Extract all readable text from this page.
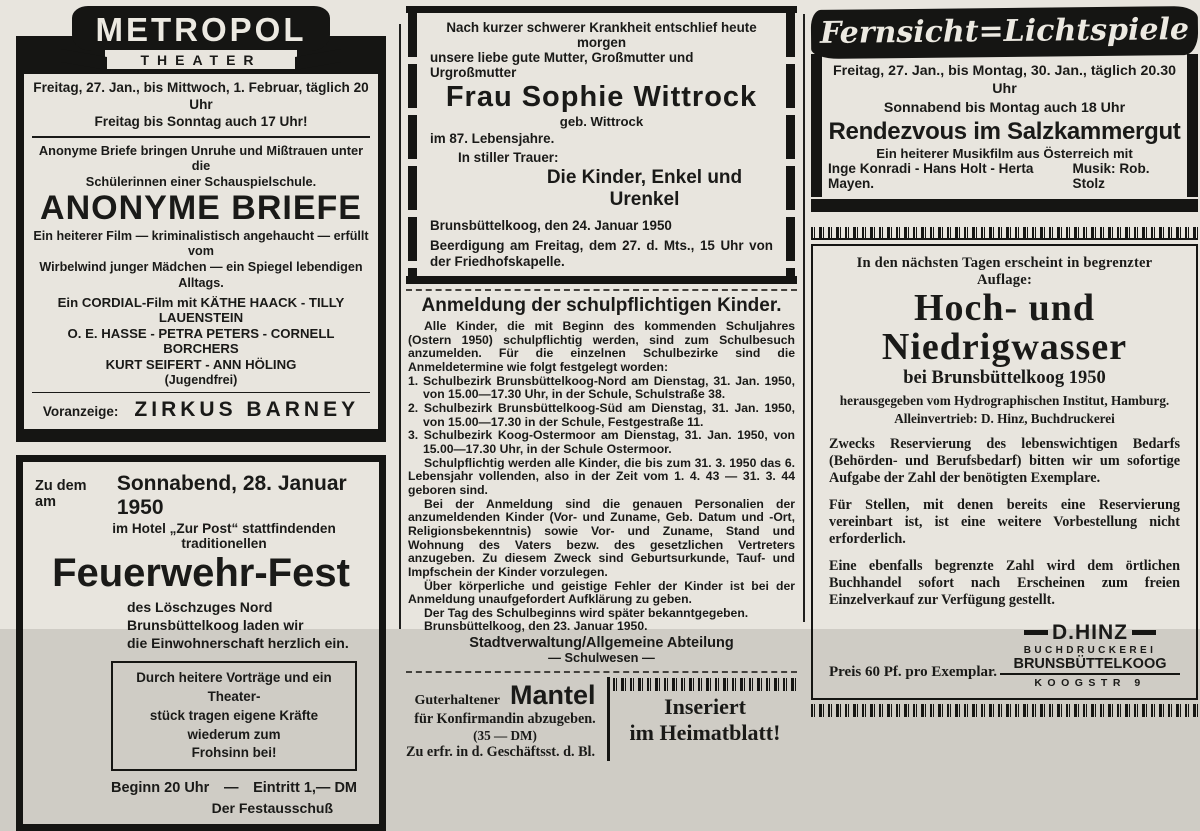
METROPOL
THEATER
Freitag, 27. Jan., bis Mittwoch, 1. Februar, täglich 20 Uhr
Freitag bis Sonntag auch 17 Uhr!
Anonyme Briefe bringen Unruhe und Mißtrauen unter die
Schülerinnen einer Schauspielschule.
ANONYME BRIEFE
Ein heiterer Film — kriminalistisch angehaucht — erfüllt vom
Wirbelwind junger Mädchen — ein Spiegel lebendigen Alltags.
Ein CORDIAL-Film mit KÄTHE HAACK - TILLY LAUENSTEIN
O. E. HASSE - PETRA PETERS - CORNELL BORCHERS
KURT SEIFERT - ANN HÖLING
(Jugendfrei)
Voranzeige: ZIRKUS BARNEY
Zu dem am
Sonnabend, 28. Januar 1950
im Hotel „Zur Post“ stattfindenden traditionellen
Feuerwehr-Fest
des Löschzuges Nord Brunsbüttelkoog laden wir
die Einwohnerschaft herzlich ein.
Durch heitere Vorträge und ein Theater-
stück tragen eigene Kräfte wiederum zum
Frohsinn bei!
Beginn 20 Uhr	—	Eintritt 1,— DM
Der Festausschuß
Nach kurzer schwerer Krankheit entschlief heute morgen
unsere liebe gute Mutter, Großmutter und Urgroßmutter
Frau Sophie Wittrock
geb. Wittrock
im 87. Lebensjahre.
In stiller Trauer:
Die Kinder, Enkel und Urenkel
Brunsbüttelkoog, den 24. Januar 1950
Beerdigung am Freitag, dem 27. d. Mts., 15 Uhr von der Friedhofskapelle.
Anmeldung der schulpflichtigen Kinder.

Alle Kinder, die mit Beginn des kommenden Schuljahres (Ostern 1950) schulpflichtig werden, sind zum Schulbesuch anzumelden. Für die einzelnen Schulbezirke sind die Anmeldetermine wie folgt festgelegt worden:

1. Schulbezirk Brunsbüttelkoog-Nord am Dienstag, 31. Jan. 1950, von 15.00—17.30 Uhr, in der Schule, Schulstraße 38.

2. Schulbezirk Brunsbüttelkoog-Süd am Dienstag, 31. Jan. 1950, von 15.00—17.30 in der Schule, Festgestraße 11.

3. Schulbezirk Koog-Ostermoor am Dienstag, 31. Jan. 1950, von 15.00—17.30 Uhr, in der Schule Ostermoor.

Schulpflichtig werden alle Kinder, die bis zum 31. 3. 1950 das 6. Lebensjahr vollenden, also in der Zeit vom 1. 4. 43 — 31. 3. 44 geboren sind.

Bei der Anmeldung sind die genauen Personalien der anzumeldenden Kinder (Vor- und Zuname, Geb. Datum und -Ort, Religionsbekenntnis) sowie Vor- und Zuname, Stand und Wohnung des Vaters bezw. des gesetzlichen Vertreters anzugeben. Zu diesem Zweck sind Geburtsurkunde, Tauf- und Impfschein der Kinder vorzulegen.

Über körperliche und geistige Fehler der Kinder ist bei der Anmeldung unaufgefordert Aufklärung zu geben.

Der Tag des Schulbeginns wird später bekanntgegeben.

Brunsbüttelkoog, den 23. Januar 1950.

Stadtverwaltung/Allgemeine Abteilung

— Schulwesen —

Guterhaltener Mantel
für Konfirmandin abzugeben.
(35 — DM)
Zu erfr. in d. Geschäftsst. d. Bl.
Inseriert
im Heimatblatt!
Fernsicht=Lichtspiele
Freitag, 27. Jan., bis Montag, 30. Jan., täglich 20.30 Uhr
Sonnabend bis Montag auch 18 Uhr
Rendezvous im Salzkammergut
Ein heiterer Musikfilm aus Österreich mit
Inge Konradi - Hans Holt - Herta Mayen.
Musik: Rob. Stolz
In den nächsten Tagen erscheint in begrenzter Auflage:
Hoch- und
Niedrigwasser
bei Brunsbüttelkoog 1950
herausgegeben vom Hydrographischen Institut, Hamburg.
Alleinvertrieb: D. Hinz, Buchdruckerei

Zwecks Reservierung des lebenswichtigen Bedarfs (Behörden- und Berufsbedarf) bitten wir um sofortige Aufgabe der Zahl der benötigten Exemplare.

Für Stellen, mit denen bereits eine Reservierung vereinbart ist, ist eine weitere Vorbestellung nicht erforderlich.

Eine ebenfalls begrenzte Zahl wird dem örtlichen Buchhandel sofort nach Erscheinen zum freien Einzelverkauf zur Verfügung gestellt.

Preis 60 Pf. pro Exemplar.
D.HINZ
BUCHDRUCKEREI
BRUNSBÜTTELKOOG
KOOGSTR 9
